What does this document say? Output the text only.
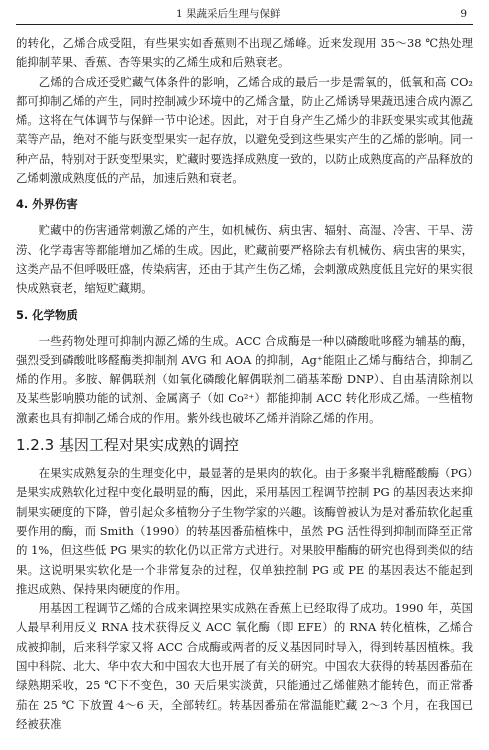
1 果蔬采后生理与保鲜	9

的转化，乙烯合成受阻，有些果实如香蕉则不出现乙烯峰。近来发现用 35～38 ℃热处理能抑制苹果、香蕉、杏等果实的乙烯生成和后熟衰老。

乙烯的合成还受贮藏气体条件的影响，乙烯合成的最后一步是需氧的，低氧和高 CO₂ 都可抑制乙烯的产生，同时控制减少环境中的乙烯含量，防止乙烯诱导果蔬迅速合成内源乙烯。这将在气体调节与保鲜一节中论述。因此，对于自身产生乙烯少的非跃变果实或其他蔬菜等产品，绝对不能与跃变型果实一起存放，以避免受到这些果实产生的乙烯的影响。同一种产品，特别对于跃变型果实，贮藏时要选择成熟度一致的，以防止成熟度高的产品释放的乙烯刺激成熟度低的产品，加速后熟和衰老。

4. 外界伤害

贮藏中的伤害通常刺激乙烯的产生，如机械伤、病虫害、辐射、高湿、冷害、干旱、涝涝、化学毒害等都能增加乙烯的生成。因此，贮藏前要严格除去有机械伤、病虫害的果实，这类产品不但呼吸旺盛，传染病害，还由于其产生伤乙烯，会刺激成熟度低且完好的果实很快成熟衰老，缩短贮藏期。

5. 化学物质

一些药物处理可抑制内源乙烯的生成。ACC 合成酶是一种以磷酸吡哆醛为辅基的酶，强烈受到磷酸吡哆醛酶类抑制剂 AVG 和 AOA 的抑制，Ag⁺能阻止乙烯与酶结合，抑制乙烯的作用。多胺、解偶联剂（如氧化磷酸化解偶联剂二硝基苯酚 DNP）、自由基清除剂以及某些影响膜功能的试剂、金属离子（如 Co²⁺）都能抑制 ACC 转化形成乙烯。一些植物激素也具有抑制乙烯合成的作用。紫外线也破坏乙烯并消除乙烯的作用。

1.2.3 基因工程对果实成熟的调控

在果实成熟复杂的生理变化中，最显著的是果肉的软化。由于多聚半乳糖醛酸酶（PG）是果实成熟软化过程中变化最明显的酶，因此，采用基因工程调节控制 PG 的基因表达来抑制果实硬度的下降，曾引起众多植物分子生物学家的兴趣。该酶曾被认为是对番茄软化起重要作用的酶，而 Smith（1990）的转基因番茄植株中，虽然 PG 活性得到抑制而降至正常的 1%，但这些低 PG 果实的软化仍以正常方式进行。对果胶甲酯酶的研究也得到类似的结果。这说明果实软化是一个非常复杂的过程，仅单独控制 PG 或 PE 的基因表达不能起到推迟成熟、保持果肉硬度的作用。

用基因工程调节乙烯的合成来调控果实成熟在香蕉上已经取得了成功。1990 年，英国人最早利用反义 RNA 技术获得反义 ACC 氧化酶（即 EFE）的 RNA 转化植株，乙烯合成被抑制，后来科学家又将 ACC 合成酶或两者的反义基因同时导入，得到转基因植株。我国中科院、北大、华中农大和中国农大也开展了有关的研究。中国农大获得的转基因番茄在绿熟期采收，25 ℃下不变色，30 天后果实淡黄，只能通过乙烯催熟才能转色，而正常番茄在 25 ℃ 下放置 4～6 天，全部转红。转基因番茄在常温能贮藏 2～3 个月，在我国已经被获准
